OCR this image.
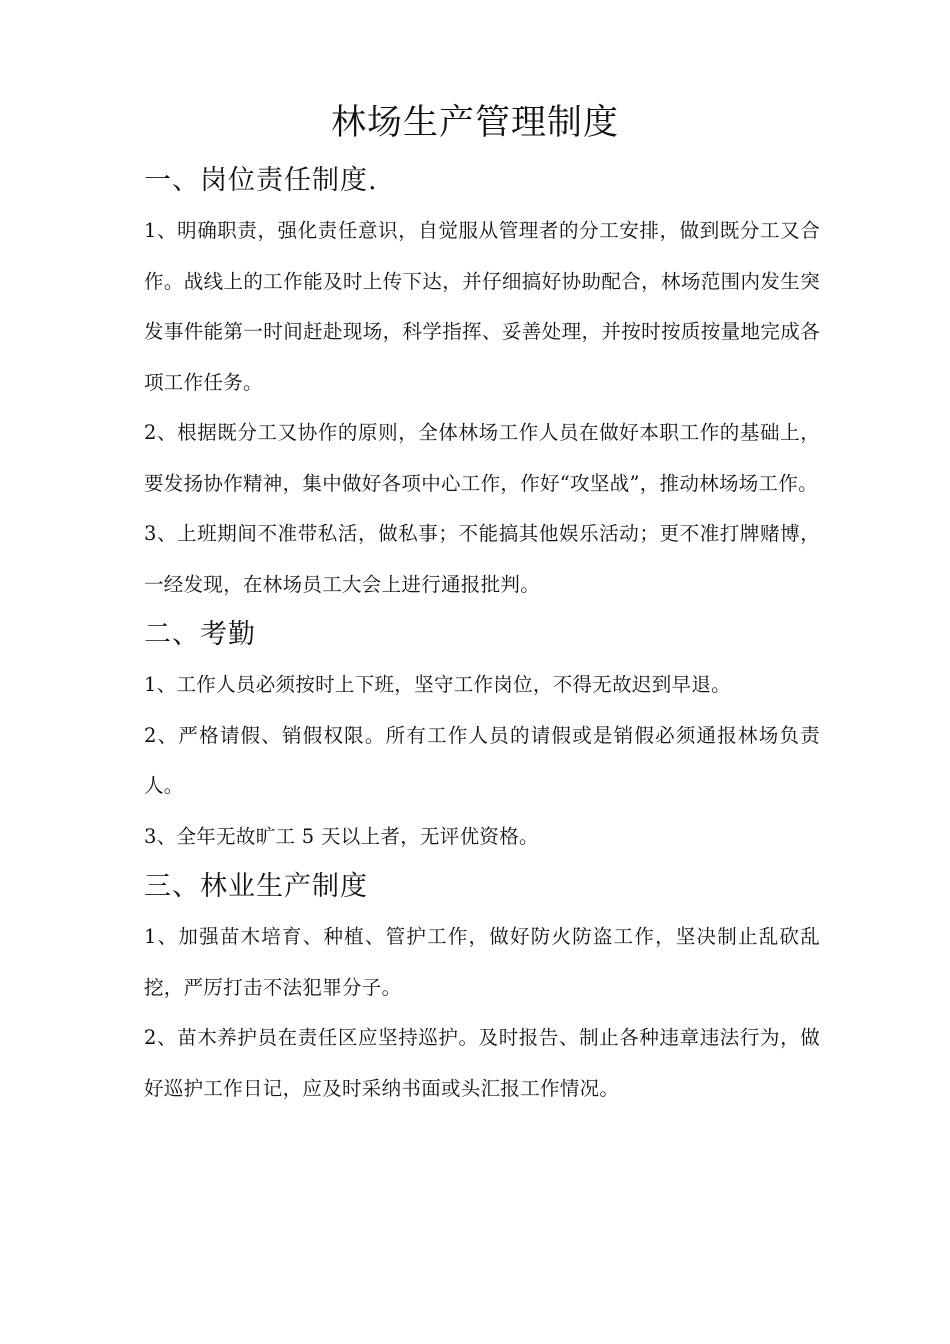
林场生产管理制度
一、岗位责任制度.

1、明确职责，强化责任意识，自觉服从管理者的分工安排，做到既分工又合作。战线上的工作能及时上传下达，并仔细搞好协助配合，林场范围内发生突发事件能第一时间赶赴现场，科学指挥、妥善处理，并按时按质按量地完成各项工作任务。

2、根据既分工又协作的原则，全体林场工作人员在做好本职工作的基础上，要发扬协作精神，集中做好各项中心工作，作好“攻坚战”，推动林场场工作。

3、上班期间不准带私活，做私事；不能搞其他娱乐活动；更不准打牌赌博，一经发现，在林场员工大会上进行通报批判。

二、考勤

1、工作人员必须按时上下班，坚守工作岗位，不得无故迟到早退。

2、严格请假、销假权限。所有工作人员的请假或是销假必须通报林场负责人。

3、全年无故旷工 5 天以上者，无评优资格。

三、林业生产制度

1、加强苗木培育、种植、管护工作，做好防火防盗工作，坚决制止乱砍乱挖，严厉打击不法犯罪分子。

2、苗木养护员在责任区应坚持巡护。及时报告、制止各种违章违法行为，做好巡护工作日记，应及时采纳书面或头汇报工作情况。
